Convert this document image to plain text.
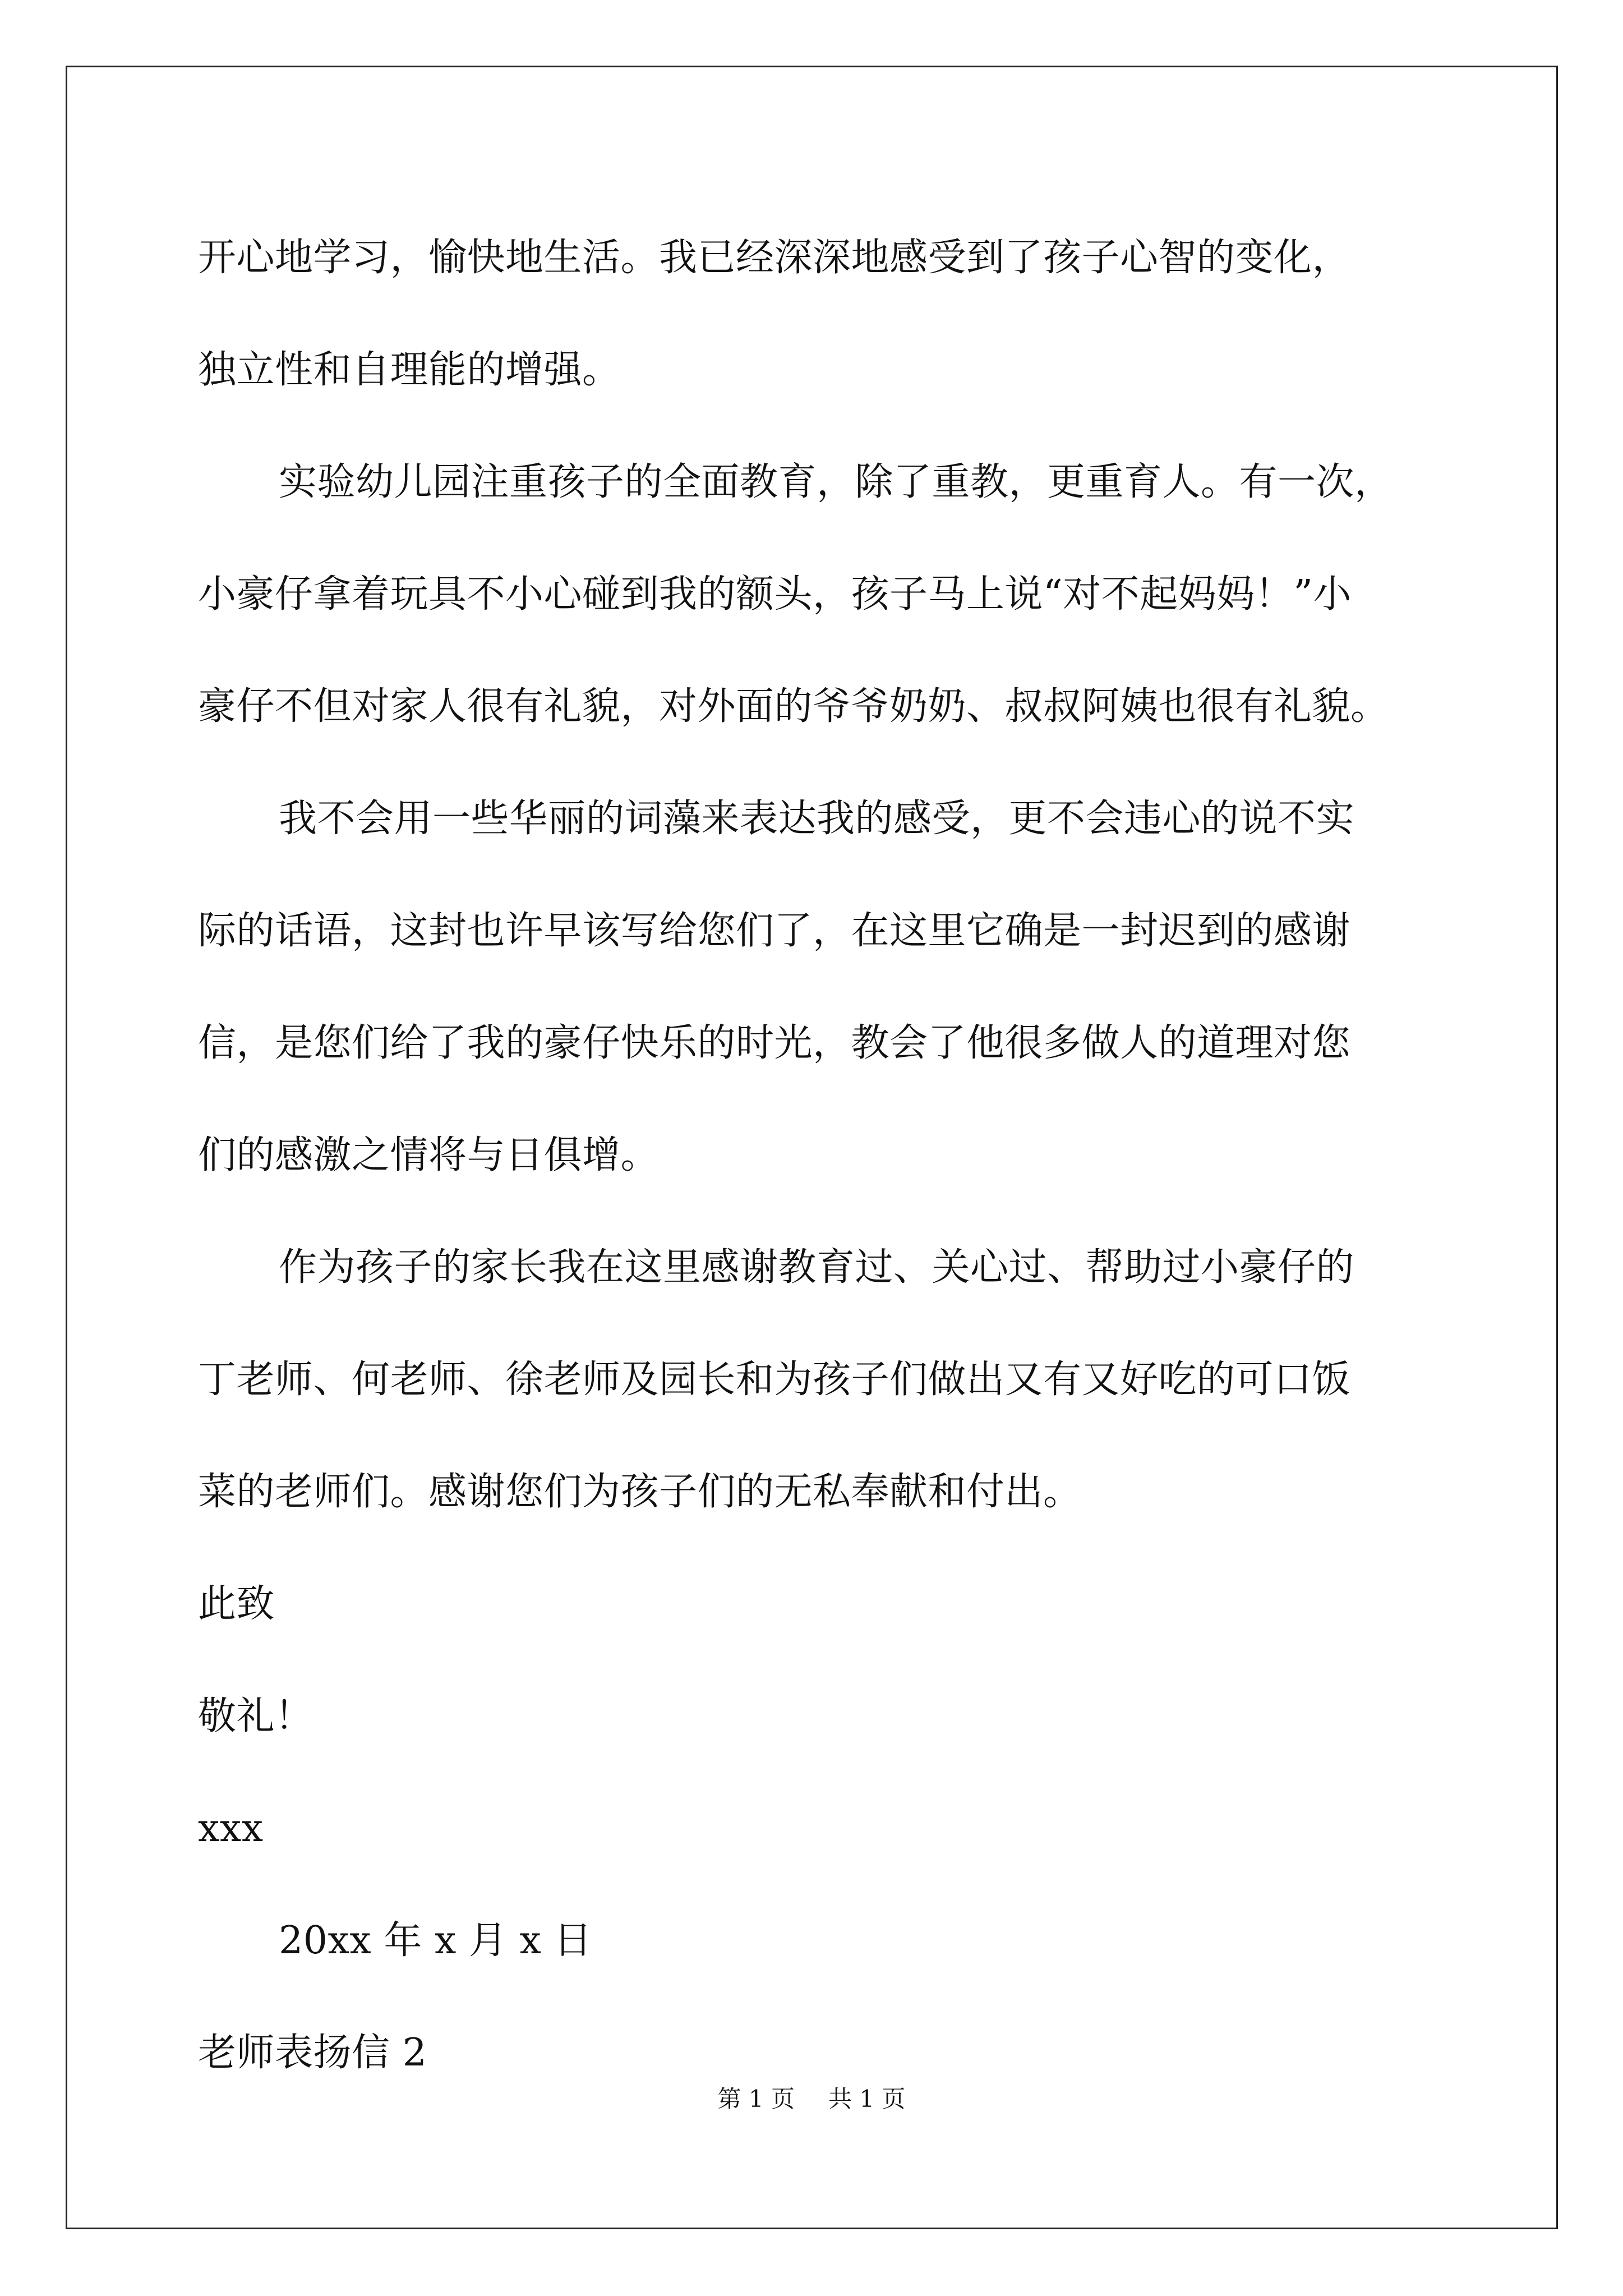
开心地学习，愉快地生活。我已经深深地感受到了孩子心智的变化，

独立性和自理能的增强。

实验幼儿园注重孩子的全面教育，除了重教，更重育人。有一次，

小豪仔拿着玩具不小心碰到我的额头，孩子马上说“对不起妈妈！”小

豪仔不但对家人很有礼貌，对外面的爷爷奶奶、叔叔阿姨也很有礼貌。

我不会用一些华丽的词藻来表达我的感受，更不会违心的说不实

际的话语，这封也许早该写给您们了，在这里它确是一封迟到的感谢

信，是您们给了我的豪仔快乐的时光，教会了他很多做人的道理对您

们的感激之情将与日俱增。

作为孩子的家长我在这里感谢教育过、关心过、帮助过小豪仔的

丁老师、何老师、徐老师及园长和为孩子们做出又有又好吃的可口饭

菜的老师们。感谢您们为孩子们的无私奉献和付出。

此致

敬礼！

xxx

20xx 年 x 月 x 日

老师表扬信 2

第 1 页 共 1 页
